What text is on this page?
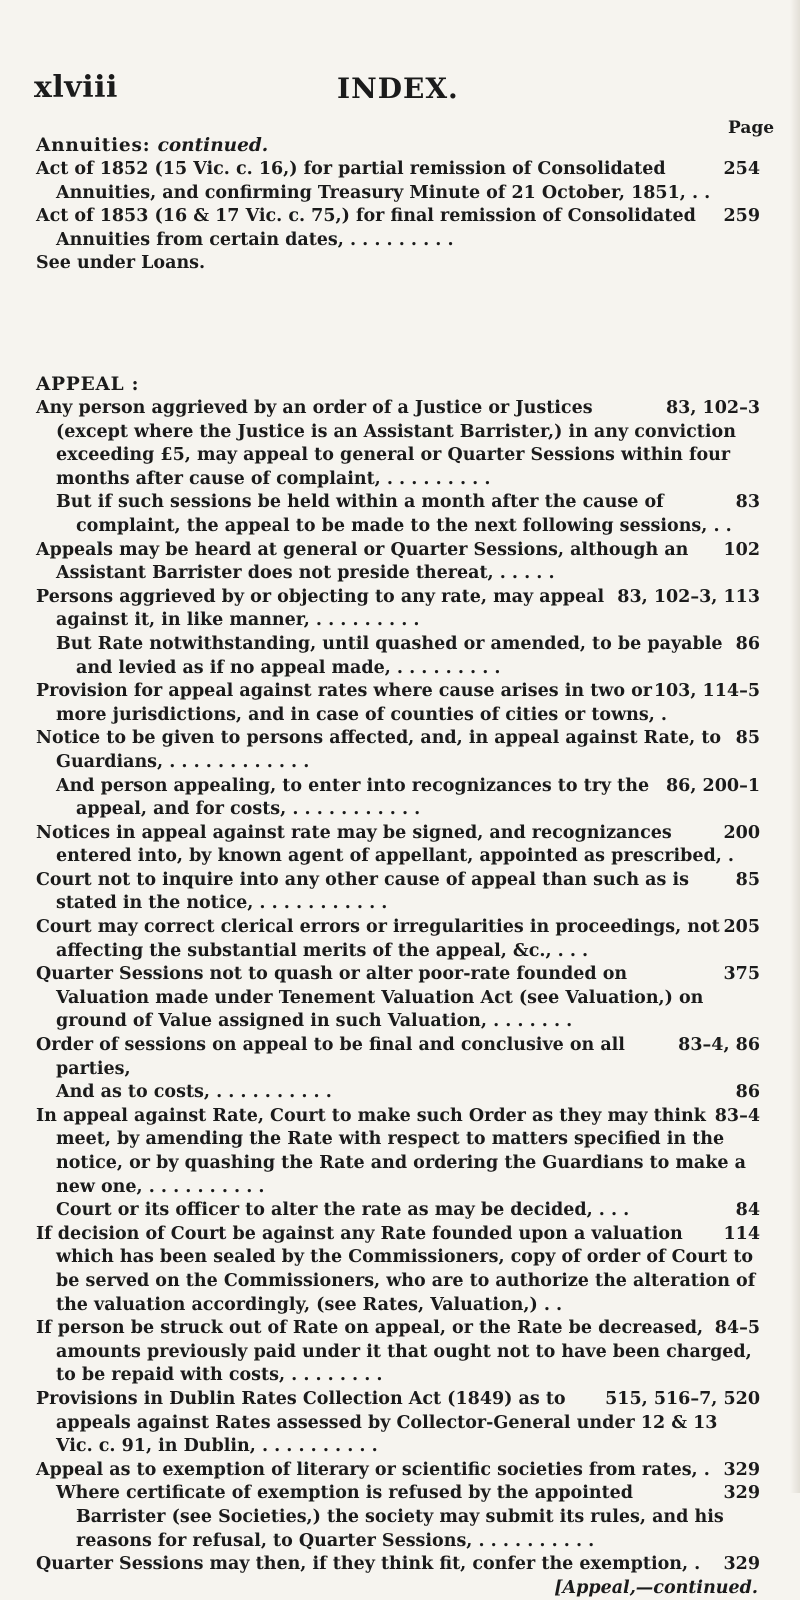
xlviii	INDEX.
Page
Annuities: continued.
254
Act of 1852 (15 Vic. c. 16,) for partial remission of Consolidated Annuities, and confirming Treasury Minute of 21 October, 1851, . .
259
Act of 1853 (16 & 17 Vic. c. 75,) for final remission of Consolidated Annuities from certain dates, . . . . . . . . .
See under Loans.
APPEAL :
83, 102–3
Any person aggrieved by an order of a Justice or Justices (except where the Justice is an Assistant Barrister,) in any conviction exceeding £5, may appeal to general or Quarter Sessions within four months after cause of complaint, . . . . . . . . .
83
But if such sessions be held within a month after the cause of complaint, the appeal to be made to the next following sessions, . .
102
Appeals may be heard at general or Quarter Sessions, although an Assistant Barrister does not preside thereat, . . . . .
83, 102–3, 113
Persons aggrieved by or objecting to any rate, may appeal against it, in like manner, . . . . . . . . .
86
But Rate notwithstanding, until quashed or amended, to be payable and levied as if no appeal made, . . . . . . . . .
103, 114–5
Provision for appeal against rates where cause arises in two or more jurisdictions, and in case of counties of cities or towns, .
85
Notice to be given to persons affected, and, in appeal against Rate, to Guardians, . . . . . . . . . . . .
86, 200–1
And person appealing, to enter into recognizances to try the appeal, and for costs, . . . . . . . . . . .
200
Notices in appeal against rate may be signed, and recognizances entered into, by known agent of appellant, appointed as prescribed, .
85
Court not to inquire into any other cause of appeal than such as is stated in the notice, . . . . . . . . . . .
205
Court may correct clerical errors or irregularities in proceedings, not affecting the substantial merits of the appeal, &c., . . .
375
Quarter Sessions not to quash or alter poor-rate founded on Valuation made under Tenement Valuation Act (see Valuation,) on ground of Value assigned in such Valuation, . . . . . . .
83–4, 86
Order of sessions on appeal to be final and conclusive on all parties,
86
And as to costs, . . . . . . . . . .
83–4
In appeal against Rate, Court to make such Order as they may think meet, by amending the Rate with respect to matters specified in the notice, or by quashing the Rate and ordering the Guardians to make a new one, . . . . . . . . . .
84
Court or its officer to alter the rate as may be decided, . . .
114
If decision of Court be against any Rate founded upon a valuation which has been sealed by the Commissioners, copy of order of Court to be served on the Commissioners, who are to authorize the alteration of the valuation accordingly, (see Rates, Valuation,) . .
84–5
If person be struck out of Rate on appeal, or the Rate be decreased, amounts previously paid under it that ought not to have been charged, to be repaid with costs, . . . . . . . .
515, 516–7, 520
Provisions in Dublin Rates Collection Act (1849) as to appeals against Rates assessed by Collector-General under 12 & 13 Vic. c. 91, in Dublin, . . . . . . . . . .
329
Appeal as to exemption of literary or scientific societies from rates, .
329
Where certificate of exemption is refused by the appointed Barrister (see Societies,) the society may submit its rules, and his reasons for refusal, to Quarter Sessions, . . . . . . . . . .
329
Quarter Sessions may then, if they think fit, confer the exemption, .
[Appeal,—continued.
